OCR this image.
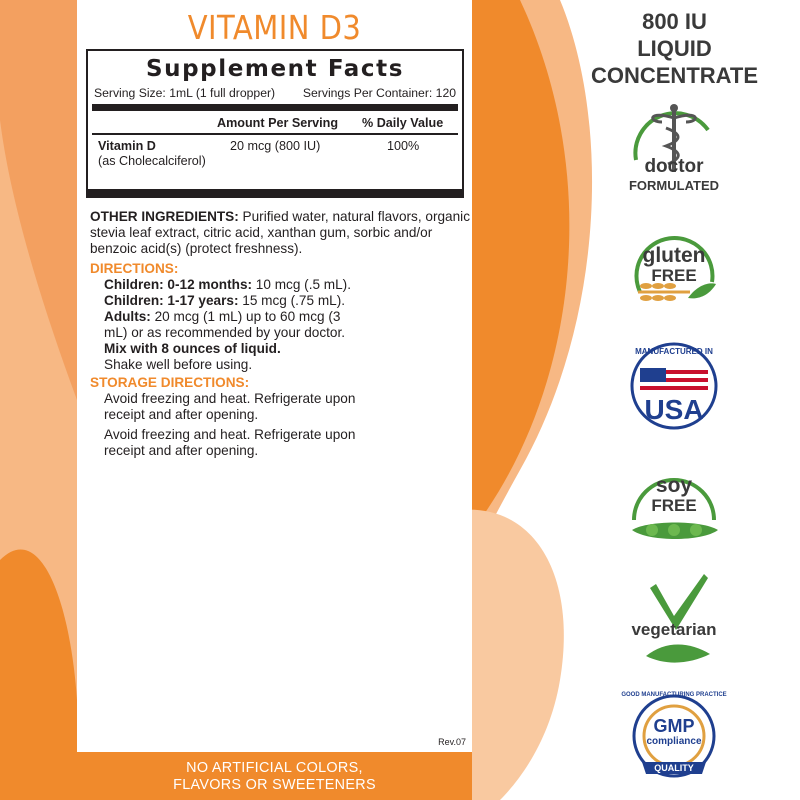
VITAMIN D3
Supplement Facts
Serving Size: 1mL (1 full dropper) Servings Per Container: 120
Amount Per Serving % Daily Value
Vitamin D
(as Cholecalciferol)
20 mcg (800 IU)	100%
OTHER INGREDIENTS: Purified water, natural flavors, organic stevia leaf extract, citric acid, xanthan gum, sorbic and/or benzoic acid(s) (protect freshness).
DIRECTIONS:
Children: 0-12 months: 10 mcg (.5 mL).
Children: 1-17 years: 15 mcg (.75 mL).
Adults: 20 mcg (1 mL) up to 60 mcg (3 mL) or as recommended by your doctor.
Mix with 8 ounces of liquid.
Shake well before using.
STORAGE DIRECTIONS:
Avoid freezing and heat. Refrigerate upon receipt and after opening.
Avoid freezing and heat. Refrigerate upon receipt and after opening.
Rev.07
NO ARTIFICIAL COLORS,
FLAVORS OR SWEETENERS
800 IU
LIQUID
CONCENTRATE
doctor
FORMULATED
gluten
FREE
MANUFACTURED IN
USA
soy
FREE
vegetarian
GOOD MANUFACTURING PRACTICE
GMP
compliance
QUALITY
